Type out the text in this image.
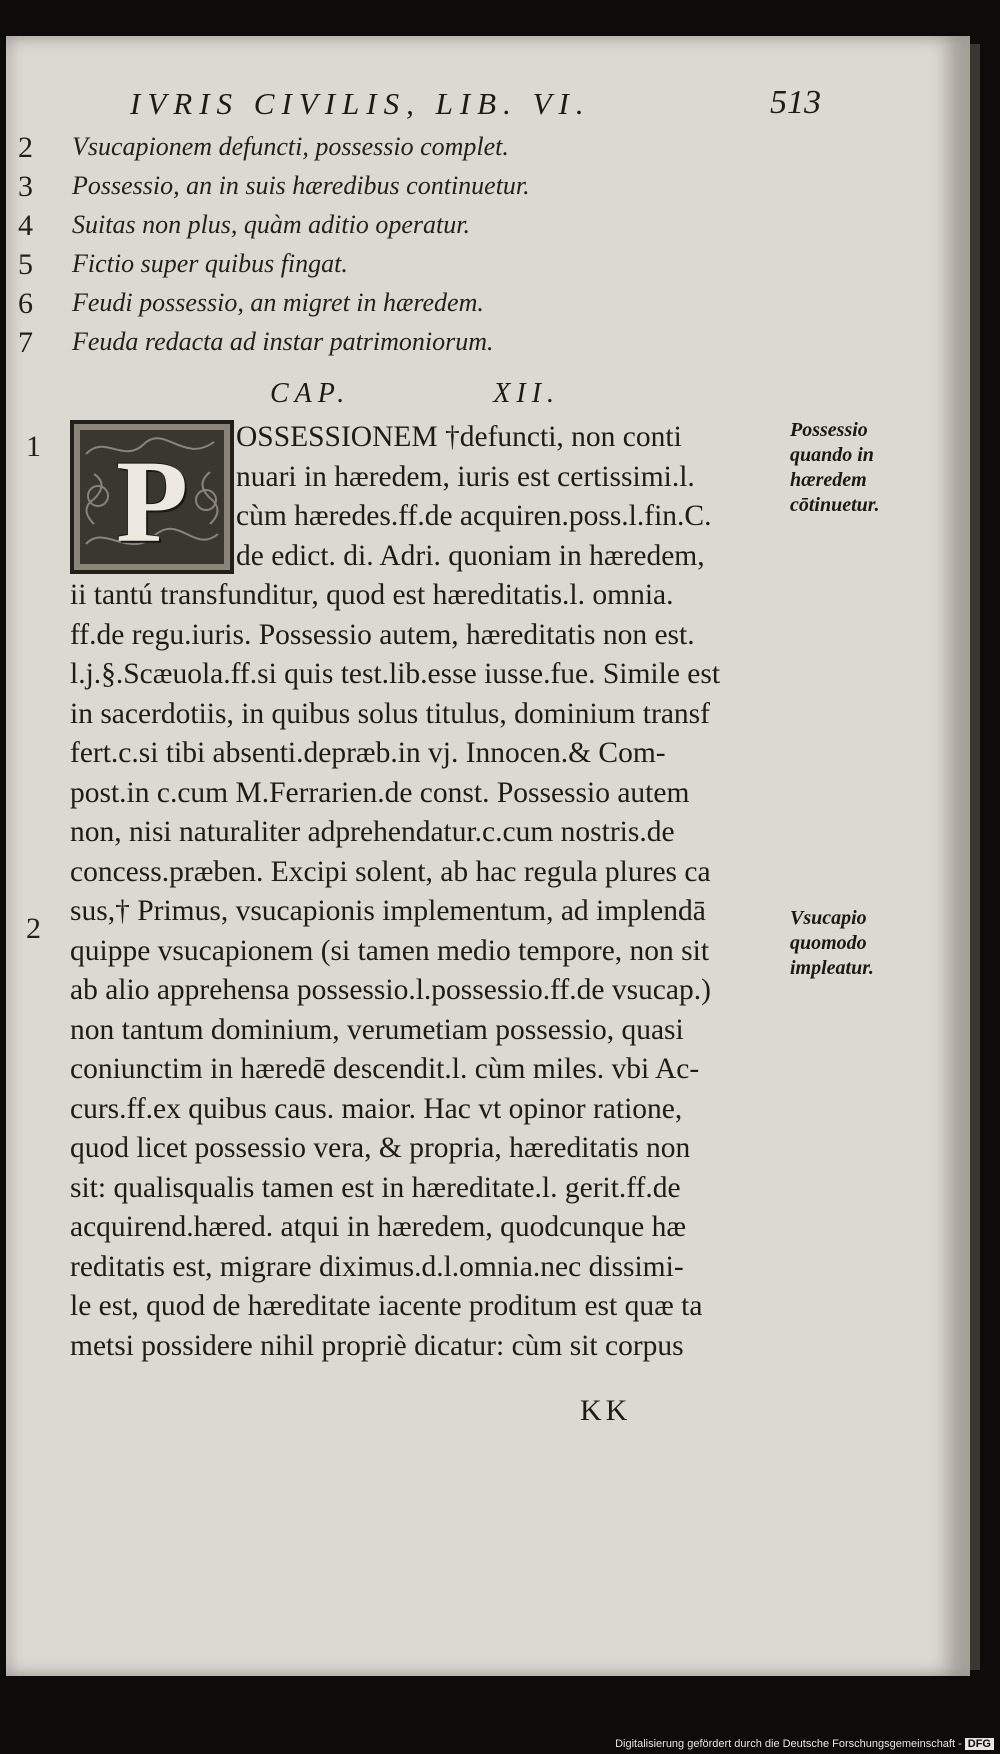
IVRIS CIVILIS, LIB. VI.	513
2	Vsucapionem defuncti, possessio complet.
3	Possessio, an in suis hæredibus continuetur.
4	Suitas non plus, quàm aditio operatur.
5	Fictio super quibus fingat.
6	Feudi possessio, an migret in hæredem.
7	Feuda redacta ad instar patrimoniorum.
CAP.	XII.
1
2
P	OSSESSIONEM †defuncti, non conti
nuari in hæredem, iuris est certissimi.l.
cùm hæredes.ff.de acquiren.poss.l.fin.C.
de edict. di. Adri. quoniam in hæredem,
ii tantú transfunditur, quod est hæreditatis.l. omnia.
ff.de regu.iuris. Possessio autem, hæreditatis non est.
l.j.§.Scæuola.ff.si quis test.lib.esse iusse.fue. Simile est
in sacerdotiis, in quibus solus titulus, dominium transf
fert.c.si tibi absenti.depræb.in vj. Innocen.& Com-
post.in c.cum M.Ferrarien.de const. Possessio autem
non, nisi naturaliter adprehendatur.c.cum nostris.de
concess.præben. Excipi solent, ab hac regula plures ca
sus,† Primus, vsucapionis implementum, ad implendā
quippe vsucapionem (si tamen medio tempore, non sit
ab alio apprehensa possessio.l.possessio.ff.de vsucap.)
non tantum dominium, verumetiam possessio, quasi
coniunctim in hæredē descendit.l. cùm miles. vbi Ac-
curs.ff.ex quibus caus. maior. Hac vt opinor ratione,
quod licet possessio vera, & propria, hæreditatis non
sit: qualisqualis tamen est in hæreditate.l. gerit.ff.de
acquirend.hæred. atqui in hæredem, quodcunque hæ
reditatis est, migrare diximus.d.l.omnia.nec dissimi-
le est, quod de hæreditate iacente proditum est quæ ta
metsi possidere nihil propriè dicatur: cùm sit corpus
Possessio quando in hæredem cōtinuetur.
Vsucapio quomodo impleatur.
KK
Digitalisierung gefördert durch die Deutsche Forschungsgemeinschaft - DFG
